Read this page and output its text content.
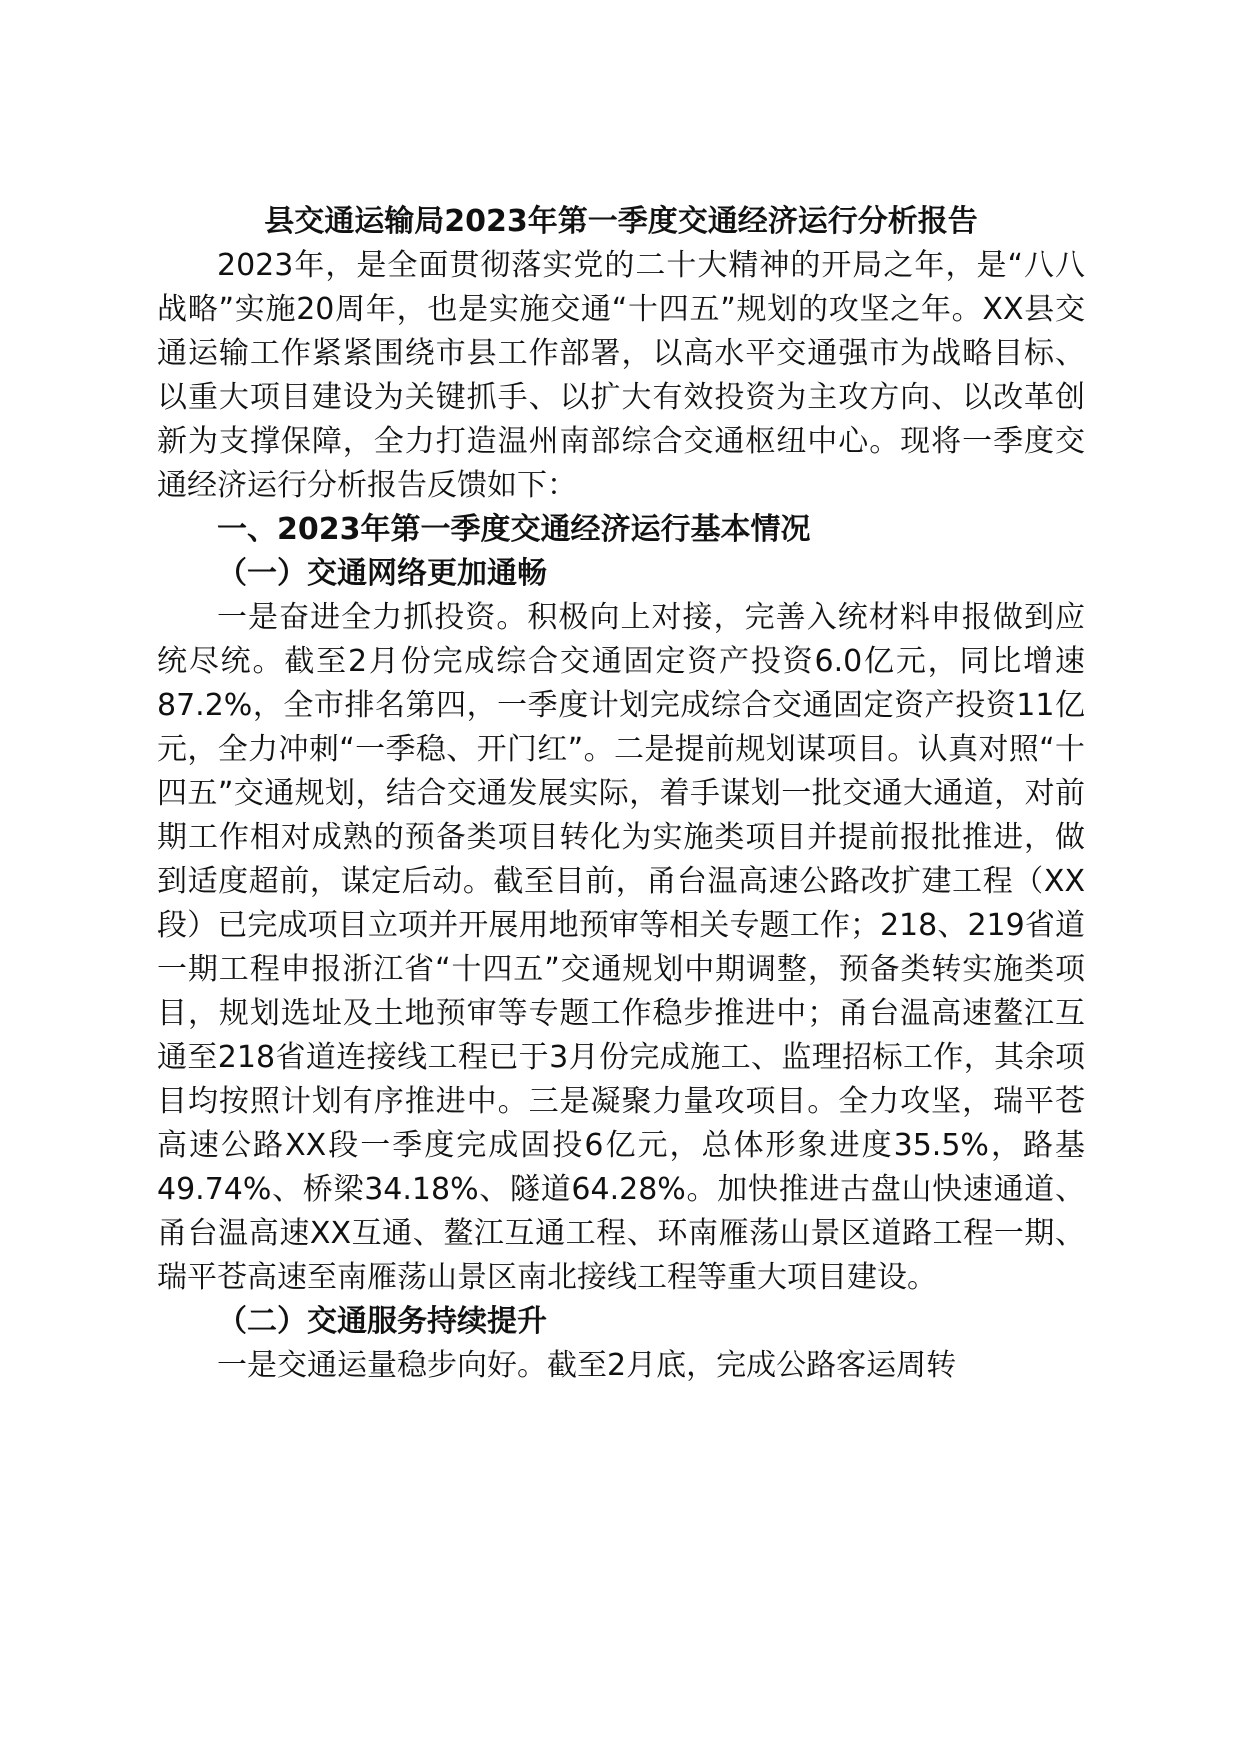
县交通运输局2023年第一季度交通经济运行分析报告

2023年，是全面贯彻落实党的二十大精神的开局之年，是“八八战略”实施20周年，也是实施交通“十四五”规划的攻坚之年。XX县交通运输工作紧紧围绕市县工作部署，以高水平交通强市为战略目标、以重大项目建设为关键抓手、以扩大有效投资为主攻方向、以改革创新为支撑保障，全力打造温州南部综合交通枢纽中心。现将一季度交通经济运行分析报告反馈如下：

一、2023年第一季度交通经济运行基本情况

（一）交通网络更加通畅

一是奋进全力抓投资。积极向上对接，完善入统材料申报做到应统尽统。截至2月份完成综合交通固定资产投资6.0亿元，同比增速87.2%，全市排名第四，一季度计划完成综合交通固定资产投资11亿元，全力冲刺“一季稳、开门红”。二是提前规划谋项目。认真对照“十四五”交通规划，结合交通发展实际，着手谋划一批交通大通道，对前期工作相对成熟的预备类项目转化为实施类项目并提前报批推进，做到适度超前，谋定后动。截至目前，甬台温高速公路改扩建工程（XX段）已完成项目立项并开展用地预审等相关专题工作；218、219省道一期工程申报浙江省“十四五”交通规划中期调整，预备类转实施类项目，规划选址及土地预审等专题工作稳步推进中；甬台温高速鳌江互通至218省道连接线工程已于3月份完成施工、监理招标工作，其余项目均按照计划有序推进中。三是凝聚力量攻项目。全力攻坚，瑞平苍高速公路XX段一季度完成固投6亿元，总体形象进度35.5%，路基49.74%、桥梁34.18%、隧道64.28%。加快推进古盘山快速通道、甬台温高速XX互通、鳌江互通工程、环南雁荡山景区道路工程一期、瑞平苍高速至南雁荡山景区南北接线工程等重大项目建设。

（二）交通服务持续提升

一是交通运量稳步向好。截至2月底，完成公路客运周转
